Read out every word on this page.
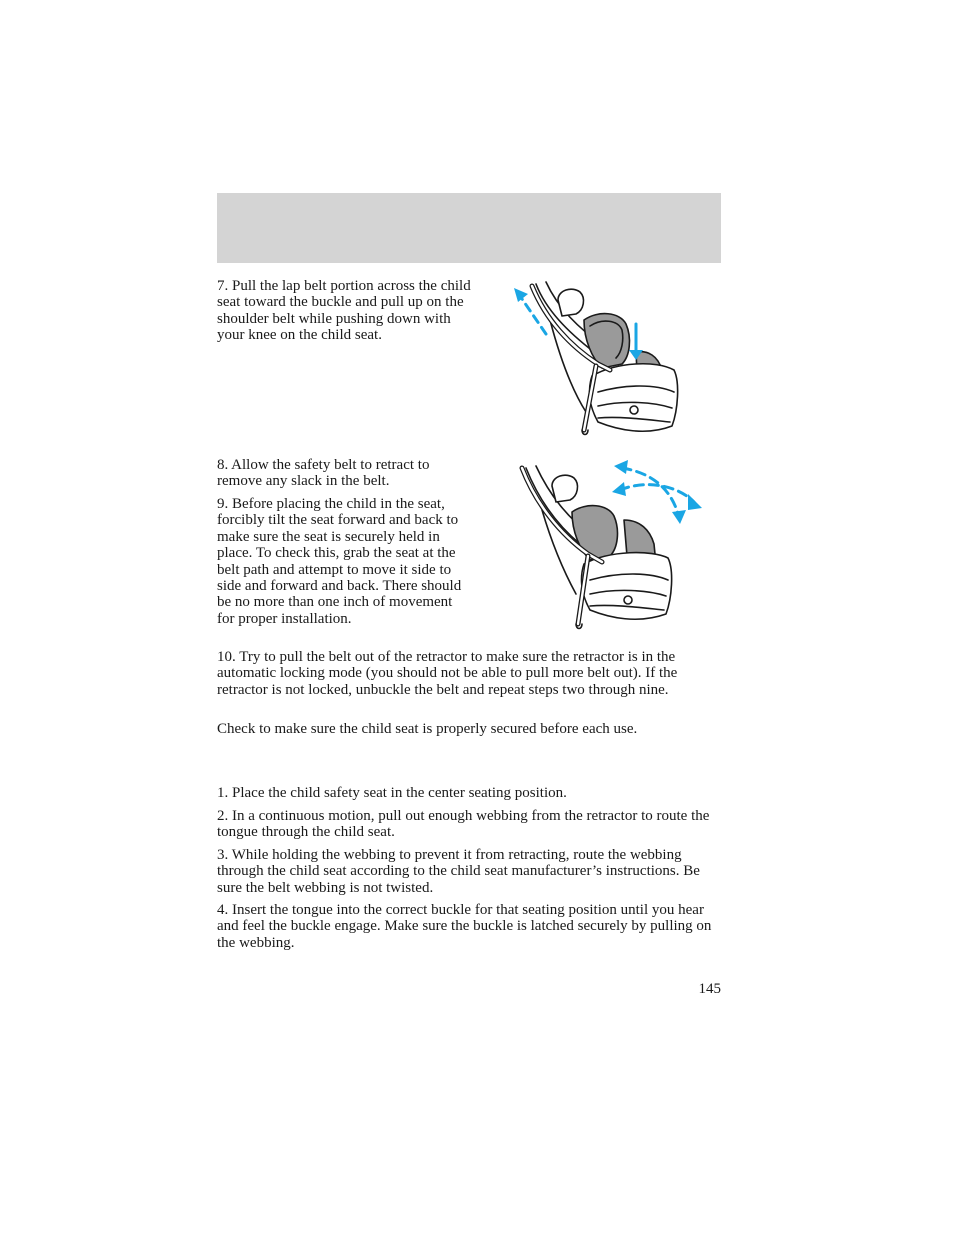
7. Pull the lap belt portion across the child seat toward the buckle and pull up on the shoulder belt while pushing down with your knee on the child seat.

8. Allow the safety belt to retract to remove any slack in the belt.

9. Before placing the child in the seat, forcibly tilt the seat forward and back to make sure the seat is securely held in place. To check this, grab the seat at the belt path and attempt to move it side to side and forward and back. There should be no more than one inch of movement for proper installation.

10. Try to pull the belt out of the retractor to make sure the retractor is in the automatic locking mode (you should not be able to pull more belt out). If the retractor is not locked, unbuckle the belt and repeat steps two through nine.

Check to make sure the child seat is properly secured before each use.

1. Place the child safety seat in the center seating position.

2. In a continuous motion, pull out enough webbing from the retractor to route the tongue through the child seat.

3. While holding the webbing to prevent it from retracting, route the webbing through the child seat according to the child seat manufacturer’s instructions. Be sure the belt webbing is not twisted.

4. Insert the tongue into the correct buckle for that seating position until you hear and feel the buckle engage. Make sure the buckle is latched securely by pulling on the webbing.

145
